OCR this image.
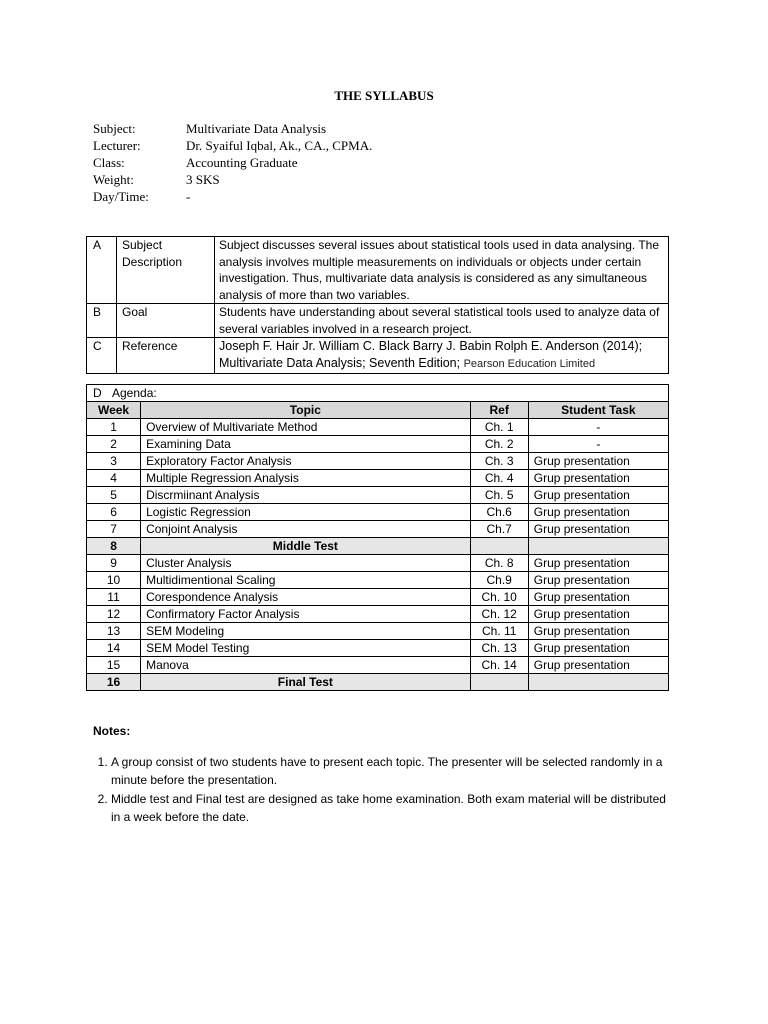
THE SYLLABUS
Subject:	Multivariate Data Analysis
Lecturer:	Dr. Syaiful Iqbal, Ak., CA., CPMA.
Class:	Accounting Graduate
Weight:	3 SKS
Day/Time:	-
A	Subject Description	Subject discusses several issues about statistical tools used in data analysing. The analysis involves multiple measurements on individuals or objects under certain investigation. Thus, multivariate data analysis is considered as any simultaneous analysis of more than two variables.
B	Goal	Students have understanding about several statistical tools used to analyze data of several variables involved in a research project.
C	Reference	Joseph F. Hair Jr. William C. Black Barry J. Babin Rolph E. Anderson (2014); Multivariate Data Analysis; Seventh Edition; Pearson Education Limited
D Agenda:
Week	Topic	Ref	Student Task
1	Overview of Multivariate Method	Ch. 1	-
2	Examining Data	Ch. 2	-
3	Exploratory Factor Analysis	Ch. 3	Grup presentation
4	Multiple Regression Analysis	Ch. 4	Grup presentation
5	Discrmiinant Analysis	Ch. 5	Grup presentation
6	Logistic Regression	Ch.6	Grup presentation
7	Conjoint Analysis	Ch.7	Grup presentation
8	Middle Test		
9	Cluster Analysis	Ch. 8	Grup presentation
10	Multidimentional Scaling	Ch.9	Grup presentation
11	Corespondence Analysis	Ch. 10	Grup presentation
12	Confirmatory Factor Analysis	Ch. 12	Grup presentation
13	SEM Modeling	Ch. 11	Grup presentation
14	SEM Model Testing	Ch. 13	Grup presentation
15	Manova	Ch. 14	Grup presentation
16	Final Test		
Notes:
1. A group consist of two students have to present each topic. The presenter will be selected randomly in a minute before the presentation.
2. Middle test and Final test are designed as take home examination. Both exam material will be distributed in a week before the date.
